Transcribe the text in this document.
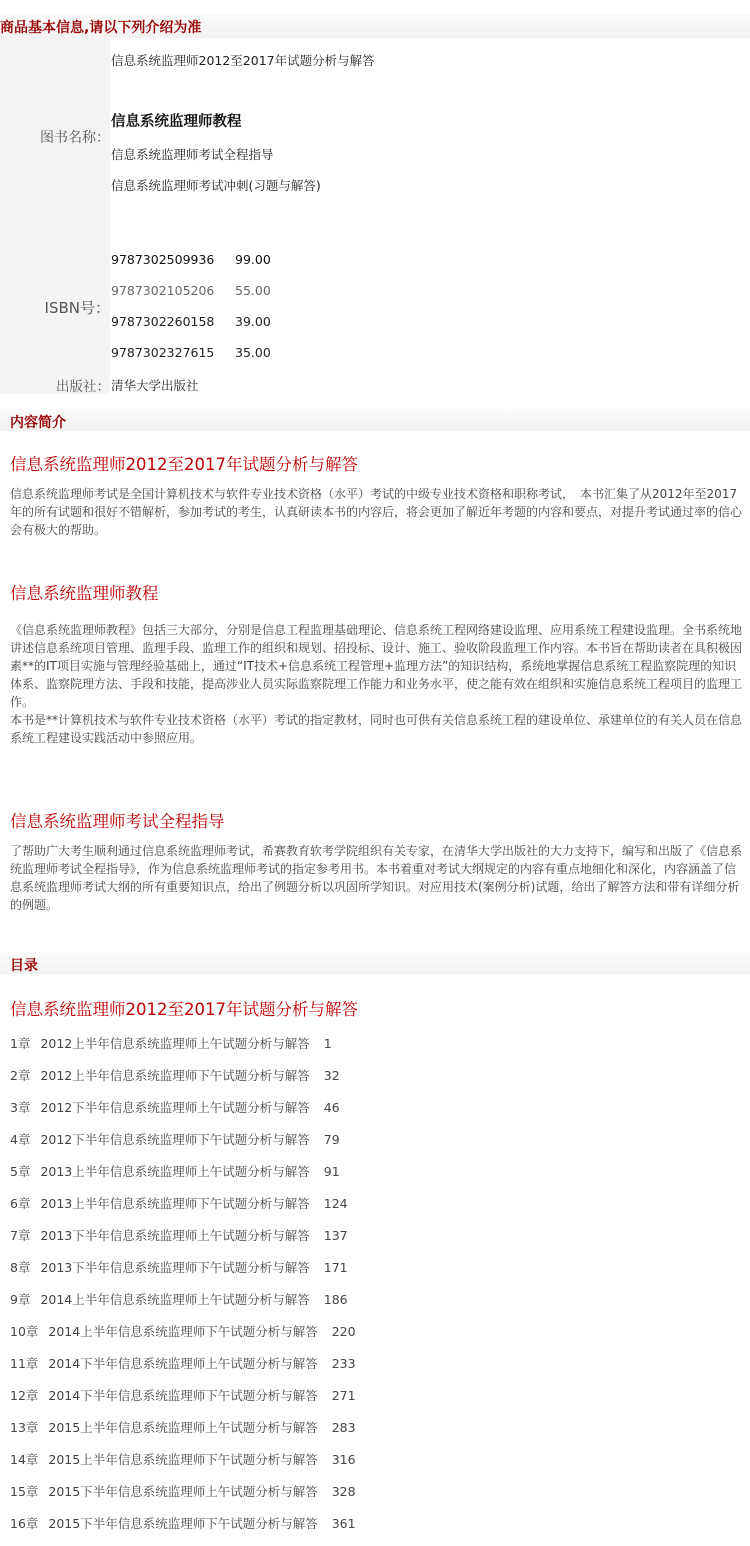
商品基本信息,请以下列介绍为准
图书名称：
信息系统监理师2012至2017年试题分析与解答
信息系统监理师教程
信息系统监理师考试全程指导
信息系统监理师考试冲刺(习题与解答)
ISBN号：
9787302509936 99.00
9787302105206 55.00
9787302260158 39.00
9787302327615 35.00
出版社： 清华大学出版社
内容简介
信息系统监理师2012至2017年试题分析与解答

信息系统监理师考试是全国计算机技术与软件专业技术资格（水平）考试的中级专业技术资格和职称考试，　本书汇集了从2012年至2017年的所有试题和很好不错解析，参加考试的考生，认真研读本书的内容后，将会更加了解近年考题的内容和要点，对提升考试通过率的信心会有极大的帮助。

信息系统监理师教程

《信息系统监理师教程》包括三大部分，分别是信息工程监理基础理论、信息系统工程网络建设监理、应用系统工程建设监理。全书系统地讲述信息系统项目管理、监理手段、监理工作的组织和规划、招投标、设计、施工、验收阶段监理工作内容。本书旨在帮助读者在具积极因素**的IT项目实施与管理经验基础上，通过“IT技术+信息系统工程管理+监理方法”的知识结构，系统地掌握信息系统工程监察院理的知识体系、监察院理方法、手段和技能，提高涉业人员实际监察院理工作能力和业务水平，使之能有效在组织和实施信息系统工程项目的监理工作。

本书是**计算机技术与软件专业技术资格（水平）考试的指定教材，同时也可供有关信息系统工程的建设单位、承建单位的有关人员在信息系统工程建设实践活动中参照应用。

信息系统监理师考试全程指导

了帮助广大考生顺利通过信息系统监理师考试，希赛教育软考学院组织有关专家，在清华大学出版社的大力支持下，编写和出版了《信息系统监理师考试全程指导》，作为信息系统监理师考试的指定参考用书。本书着重对考试大纲规定的内容有重点地细化和深化，内容涵盖了信息系统监理师考试大纲的所有重要知识点，给出了例题分析以巩固所学知识。对应用技术(案例分析)试题，给出了解答方法和带有详细分析的例题。

目录
信息系统监理师2012至2017年试题分析与解答
1章 2012上半年信息系统监理师上午试题分析与解答 1
2章 2012上半年信息系统监理师下午试题分析与解答 32
3章 2012下半年信息系统监理师上午试题分析与解答 46
4章 2012下半年信息系统监理师下午试题分析与解答 79
5章 2013上半年信息系统监理师上午试题分析与解答 91
6章 2013上半年信息系统监理师下午试题分析与解答 124
7章 2013下半年信息系统监理师上午试题分析与解答 137
8章 2013下半年信息系统监理师下午试题分析与解答 171
9章 2014上半年信息系统监理师上午试题分析与解答 186
10章 2014上半年信息系统监理师下午试题分析与解答 220
11章 2014下半年信息系统监理师上午试题分析与解答 233
12章 2014下半年信息系统监理师下午试题分析与解答 271
13章 2015上半年信息系统监理师上午试题分析与解答 283
14章 2015上半年信息系统监理师下午试题分析与解答 316
15章 2015下半年信息系统监理师上午试题分析与解答 328
16章 2015下半年信息系统监理师下午试题分析与解答 361
